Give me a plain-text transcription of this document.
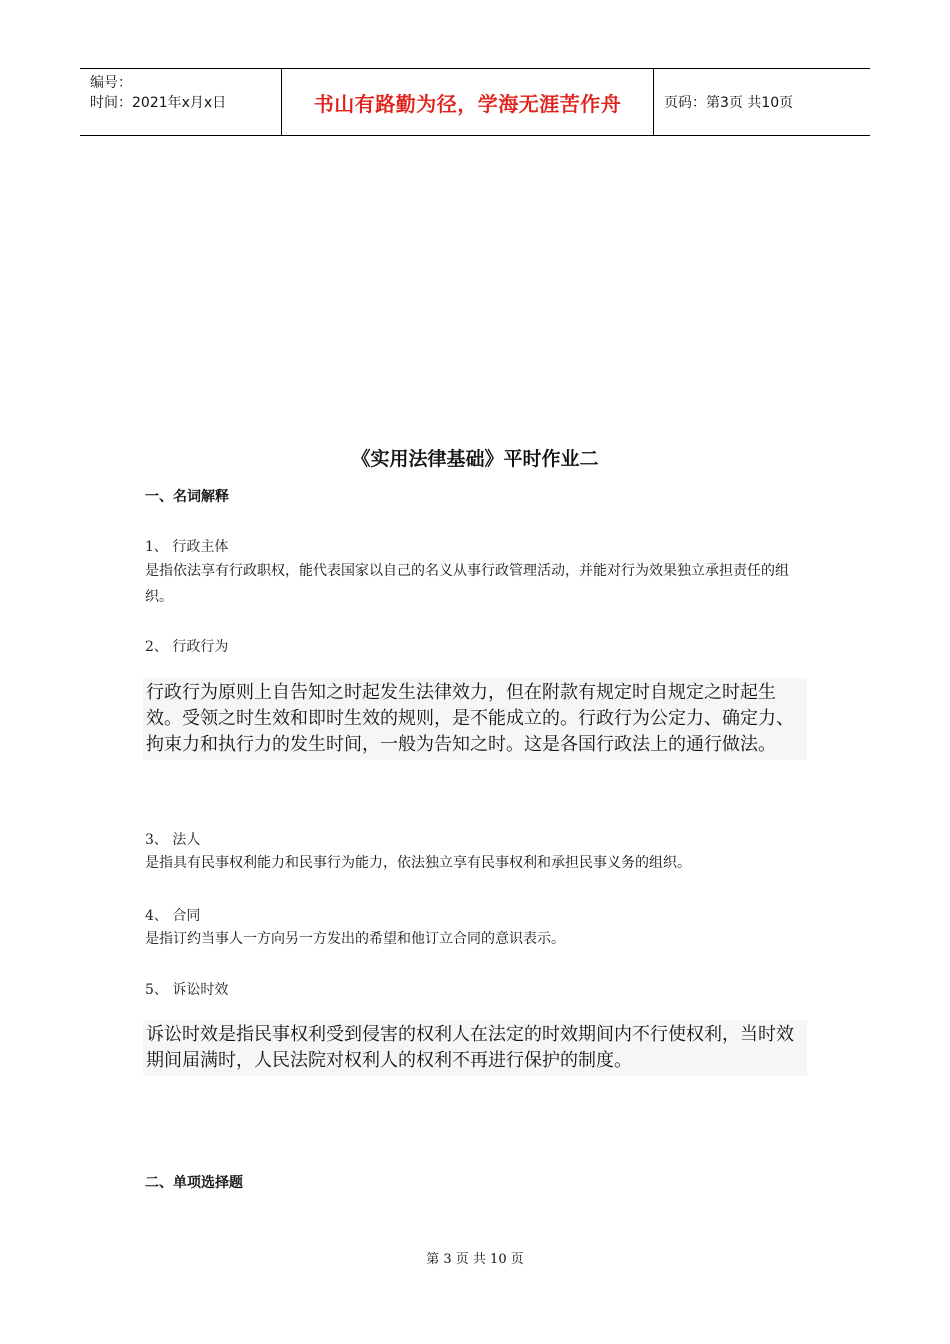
编号：
时间：2021年x月x日	书山有路勤为径，学海无涯苦作舟	页码：第3页 共10页
《实用法律基础》平时作业二
一、名词解释
1、 行政主体
是指依法享有行政职权，能代表国家以自己的名义从事行政管理活动，并能对行为效果独立承担责任的组织。
2、 行政行为
行政行为原则上自告知之时起发生法律效力，但在附款有规定时自规定之时起生效。受领之时生效和即时生效的规则，是不能成立的。行政行为公定力、确定力、拘束力和执行力的发生时间，一般为告知之时。这是各国行政法上的通行做法。
3、 法人
是指具有民事权利能力和民事行为能力，依法独立享有民事权利和承担民事义务的组织。
4、 合同
是指订约当事人一方向另一方发出的希望和他订立合同的意识表示。
5、 诉讼时效
诉讼时效是指民事权利受到侵害的权利人在法定的时效期间内不行使权利，当时效期间届满时，人民法院对权利人的权利不再进行保护的制度。
二、单项选择题
第 3 页 共 10 页
